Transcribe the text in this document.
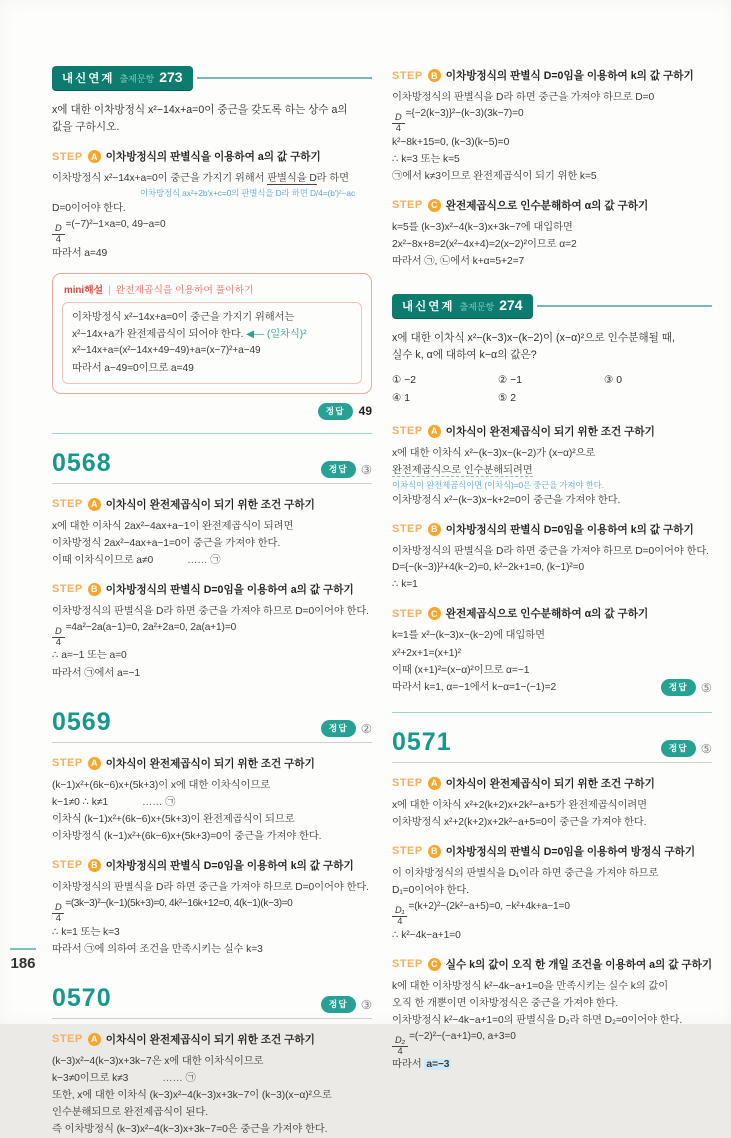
내신연계 출제문항 273

x에 대한 이차방정식 x²−14x+a=0이 중근을 갖도록 하는 상수 a의

값을 구하시오.

STEP A 이차방정식의 판별식을 이용하여 a의 값 구하기

이차방정식 x²−14x+a=0이 중근을 가지기 위해서 판별식을 D라 하면

이차방정식 ax²+2b′x+c=0의 판별식을 D라 하면 D/4=(b′)²−ac

D=0이어야 한다.

$\frac{D}{4} =(-7)^2-1\times a=0$, 49−a=0

따라서 a=49

mini해설 | 완전제곱식을 이용하여 풀이하기

이차방정식 x²−14x+a=0이 중근을 가지기 위해서는

x²−14x+a가 완전제곱식이 되어야 한다. ◀— (일차식)²

x²−14x+a=(x²−14x+49−49)+a=(x−7)²+a−49

따라서 a−49=0이므로 a=49

정답	49
0568	정답	③
STEP A 이차식이 완전제곱식이 되기 위한 조건 구하기

x에 대한 이차식 2ax²−4ax+a−1이 완전제곱식이 되려면

이차방정식 2ax²−4ax+a−1=0이 중근을 가져야 한다.

이때 이차식이므로 a≠0	…… ㉠

STEP B 이차방정식의 판별식 D=0임을 이용하여 a의 값 구하기

이차방정식의 판별식을 D라 하면 중근을 가져야 하므로 D=0이어야 한다.

$\frac{D}{4} =4a^2-2a(a-1)=0$, 2a²+2a=0, 2a(a+1)=0

∴ a=−1 또는 a=0

따라서 ㉠에서 a=−1

0569	정답	②
STEP A 이차식이 완전제곱식이 되기 위한 조건 구하기

(k−1)x²+(6k−6)x+(5k+3)이 x에 대한 이차식이므로

k−1≠0 ∴ k≠1	…… ㉠

이차식 (k−1)x²+(6k−6)x+(5k+3)이 완전제곱식이 되므로

이차방정식 (k−1)x²+(6k−6)x+(5k+3)=0이 중근을 가져야 한다.

STEP B 이차방정식의 판별식 D=0임을 이용하여 k의 값 구하기

이차방정식의 판별식을 D라 하면 중근을 가져야 하므로 D=0이어야 한다.

$\frac{D}{4} =(3k-3)^2-(k-1)(5k+3)=0$, 4k²−16k+12=0, 4(k−1)(k−3)=0

∴ k=1 또는 k=3

따라서 ㉠에 의하여 조건을 만족시키는 실수 k=3

0570	정답	③
STEP A 이차식이 완전제곱식이 되기 위한 조건 구하기

(k−3)x²−4(k−3)x+3k−7은 x에 대한 이차식이므로

k−3≠0이므로 k≠3	…… ㉠

또한, x에 대한 이차식 (k−3)x²−4(k−3)x+3k−7이 (k−3)(x−α)²으로

인수분해되므로 완전제곱식이 된다.

즉 이차방정식 (k−3)x²−4(k−3)x+3k−7=0은 중근을 가져야 한다.

STEP B 이차방정식의 판별식 D=0임을 이용하여 k의 값 구하기

이차방정식의 판별식을 D라 하면 중근을 가져야 하므로 D=0

$\frac{D}{4} =\{-2(k-3)\}^2-(k-3)(3k-7)=0$

k²−8k+15=0, (k−3)(k−5)=0

∴ k=3 또는 k=5

㉠에서 k≠3이므로 완전제곱식이 되기 위한 k=5

STEP C 완전제곱식으로 인수분해하여 α의 값 구하기

k=5를 (k−3)x²−4(k−3)x+3k−7에 대입하면

2x²−8x+8=2(x²−4x+4)=2(x−2)²이므로 α=2

따라서 ㉠, ㉡에서 k+α=5+2=7

내신연계 출제문항 274

x에 대한 이차식 x²−(k−3)x−(k−2)이 (x−α)²으로 인수분해될 때,

실수 k, α에 대하여 k−α의 값은?

① −2	② −1	③ 0
④ 1	⑤ 2
STEP A 이차식이 완전제곱식이 되기 위한 조건 구하기

x에 대한 이차식 x²−(k−3)x−(k−2)가 (x−α)²으로

완전제곱식으로 인수분해되려면

이차식이 완전제곱식이면 (이차식)=0은 중근을 가져야 한다.

이차방정식 x²−(k−3)x−k+2=0이 중근을 가져야 한다.

STEP B 이차방정식의 판별식 D=0임을 이용하여 k의 값 구하기

이차방정식의 판별식을 D라 하면 중근을 가져야 하므로 D=0이어야 한다.

D={−(k−3)}²+4(k−2)=0, k²−2k+1=0, (k−1)²=0

∴ k=1

STEP C 완전제곱식으로 인수분해하여 α의 값 구하기

k=1를 x²−(k−3)x−(k−2)에 대입하면

x²+2x+1=(x+1)²

이때 (x+1)²=(x−α)²이므로 α=−1

따라서 k=1, α=−1에서 k−α=1−(−1)=2	정답	⑤
0571	정답	⑤
STEP A 이차식이 완전제곱식이 되기 위한 조건 구하기

x에 대한 이차식 x²+2(k+2)x+2k²−a+5가 완전제곱식이려면

이차방정식 x²+2(k+2)x+2k²−a+5=0이 중근을 가져야 한다.

STEP B 이차방정식의 판별식 D=0임을 이용하여 방정식 구하기

이 이차방정식의 판별식을 D₁이라 하면 중근을 가져야 하므로

D₁=0이어야 한다.

$\frac{\text{D₁}}{4} =(k+2)^2-(2k^2-a+5)=0$, −k²+4k+a−1=0

∴ k²−4k−a+1=0

STEP C 실수 k의 값이 오직 한 개일 조건을 이용하여 a의 값 구하기

k에 대한 이차방정식 k²−4k−a+1=0을 만족시키는 실수 k의 값이

오직 한 개뿐이면 이차방정식은 중근을 가져야 한다.

이차방정식 k²−4k−a+1=0의 판별식을 D₂라 하면 D₂=0이어야 한다.

$\frac{\text{D₂}}{4} =(-2)^2-(-a+1)=0$, a+3=0

따라서 a=−3

186
